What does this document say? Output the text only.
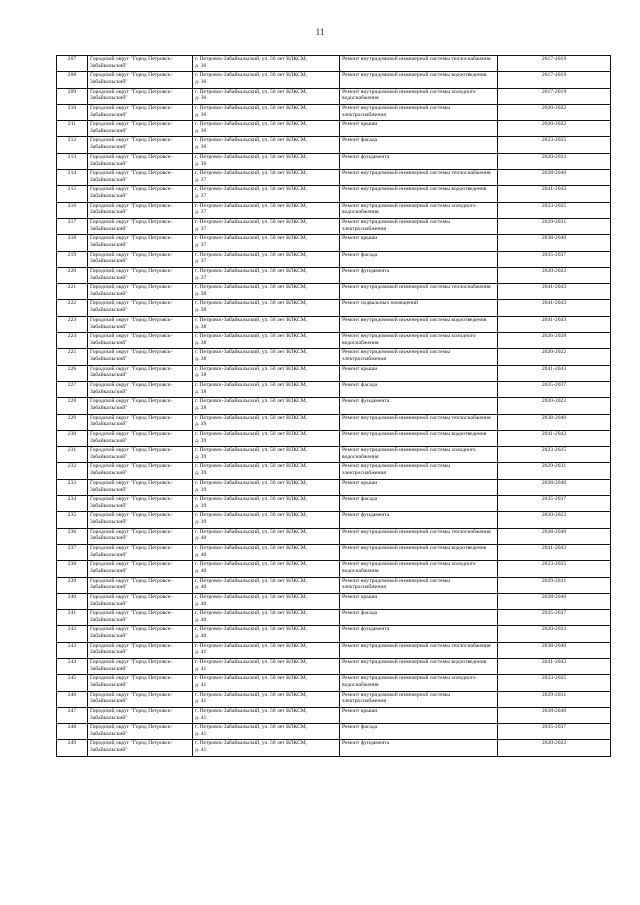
11
207	Городской округ "Город Петровск-Забайкальский"	г. Петровск-Забайкальский, ул. 50 лет ВЛКСМ,
д. 36	Ремонт внутридомовой инженерной системы теплоснабжения	2017-2019
208	Городской округ "Город Петровск-Забайкальский"	г. Петровск-Забайкальский, ул. 50 лет ВЛКСМ,
д. 36	Ремонт внутридомовой инженерной системы водоотведения	2017-2019
209	Городской округ "Город Петровск-Забайкальский"	г. Петровск-Забайкальский, ул. 50 лет ВЛКСМ,
д. 36	Ремонт внутридомовой инженерной системы холодного водоснабжения	2017-2019
210	Городской округ "Город Петровск-Забайкальский"	г. Петровск-Забайкальский, ул. 50 лет ВЛКСМ,
д. 36	Ремонт внутридомовой инженерной системы электроснабжения	2020-2022
211	Городской округ "Город Петровск-Забайкальский"	г. Петровск-Забайкальский, ул. 50 лет ВЛКСМ,
д. 36	Ремонт крыши	2020-2022
212	Городской округ "Город Петровск-Забайкальский"	г. Петровск-Забайкальский, ул. 50 лет ВЛКСМ,
д. 36	Ремонт фасада	2023-2025
213	Городской округ "Город Петровск-Забайкальский"	г. Петровск-Забайкальский, ул. 50 лет ВЛКСМ,
д. 36	Ремонт фундамента	2020-2022
214	Городской округ "Город Петровск-Забайкальский"	г. Петровск-Забайкальский, ул. 50 лет ВЛКСМ,
д. 37	Ремонт внутридомовой инженерной системы теплоснабжения	2038-2040
215	Городской округ "Город Петровск-Забайкальский"	г. Петровск-Забайкальский, ул. 50 лет ВЛКСМ,
д. 37	Ремонт внутридомовой инженерной системы водоотведения	2041-2043
216	Городской округ "Город Петровск-Забайкальский"	г. Петровск-Забайкальский, ул. 50 лет ВЛКСМ,
д. 37	Ремонт внутридомовой инженерной системы холодного водоснабжения	2023-2025
217	Городской округ "Город Петровск-Забайкальский"	г. Петровск-Забайкальский, ул. 50 лет ВЛКСМ,
д. 37	Ремонт внутридомовой инженерной системы электроснабжения	2029-2031
218	Городской округ "Город Петровск-Забайкальский"	г. Петровск-Забайкальский, ул. 50 лет ВЛКСМ,
д. 37	Ремонт крыши	2038-2040
219	Городской округ "Город Петровск-Забайкальский"	г. Петровск-Забайкальский, ул. 50 лет ВЛКСМ,
д. 37	Ремонт фасада	2035-2037
220	Городской округ "Город Петровск-Забайкальский"	г. Петровск-Забайкальский, ул. 50 лет ВЛКСМ,
д. 37	Ремонт фундамента	2020-2022
221	Городской округ "Город Петровск-Забайкальский"	г. Петровск-Забайкальский, ул. 50 лет ВЛКСМ,
д. 38	Ремонт внутридомовой инженерной системы теплоснабжения	2041-2043
222	Городской округ "Город Петровск-Забайкальский"	г. Петровск-Забайкальский, ул. 50 лет ВЛКСМ,
д. 38	Ремонт подвальных помещений	2041-2043
223	Городской округ "Город Петровск-Забайкальский"	г. Петровск-Забайкальский, ул. 50 лет ВЛКСМ,
д. 38	Ремонт внутридомовой инженерной системы водоотведения	2041-2043
224	Городской округ "Город Петровск-Забайкальский"	г. Петровск-Забайкальский, ул. 50 лет ВЛКСМ,
д. 38	Ремонт внутридомовой инженерной системы холодного водоснабжения	2026-2028
225	Городской округ "Город Петровск-Забайкальский"	г. Петровск-Забайкальский, ул. 50 лет ВЛКСМ,
д. 38	Ремонт внутридомовой инженерной системы электроснабжения	2020-2022
226	Городской округ "Город Петровск-Забайкальский"	г. Петровск-Забайкальский, ул. 50 лет ВЛКСМ,
д. 38	Ремонт крыши	2041-2043
227	Городской округ "Город Петровск-Забайкальский"	г. Петровск-Забайкальский, ул. 50 лет ВЛКСМ,
д. 38	Ремонт фасада	2035-2037
228	Городской округ "Город Петровск-Забайкальский"	г. Петровск-Забайкальский, ул. 50 лет ВЛКСМ,
д. 38	Ремонт фундамента	2020-2022
229	Городской округ "Город Петровск-Забайкальский"	г. Петровск-Забайкальский, ул. 50 лет ВЛКСМ,
д. 39	Ремонт внутридомовой инженерной системы теплоснабжения	2038-2040
230	Городской округ "Город Петровск-Забайкальский"	г. Петровск-Забайкальский, ул. 50 лет ВЛКСМ,
д. 39	Ремонт внутридомовой инженерной системы водоотведения	2041-2043
231	Городской округ "Город Петровск-Забайкальский"	г. Петровск-Забайкальский, ул. 50 лет ВЛКСМ,
д. 39	Ремонт внутридомовой инженерной системы холодного водоснабжения	2023-2025
232	Городской округ "Город Петровск-Забайкальский"	г. Петровск-Забайкальский, ул. 50 лет ВЛКСМ,
д. 39	Ремонт внутридомовой инженерной системы электроснабжения	2029-2031
233	Городской округ "Город Петровск-Забайкальский"	г. Петровск-Забайкальский, ул. 50 лет ВЛКСМ,
д. 39	Ремонт крыши	2038-2040
234	Городской округ "Город Петровск-Забайкальский"	г. Петровск-Забайкальский, ул. 50 лет ВЛКСМ,
д. 39	Ремонт фасада	2035-2037
235	Городской округ "Город Петровск-Забайкальский"	г. Петровск-Забайкальский, ул. 50 лет ВЛКСМ,
д. 39	Ремонт фундамента	2020-2022
236	Городской округ "Город Петровск-Забайкальский"	г. Петровск-Забайкальский, ул. 50 лет ВЛКСМ,
д. 40	Ремонт внутридомовой инженерной системы теплоснабжения	2038-2040
237	Городской округ "Город Петровск-Забайкальский"	г. Петровск-Забайкальский, ул. 50 лет ВЛКСМ,
д. 40	Ремонт внутридомовой инженерной системы водоотведения	2041-2043
238	Городской округ "Город Петровск-Забайкальский"	г. Петровск-Забайкальский, ул. 50 лет ВЛКСМ,
д. 40	Ремонт внутридомовой инженерной системы холодного водоснабжения	2023-2025
239	Городской округ "Город Петровск-Забайкальский"	г. Петровск-Забайкальский, ул. 50 лет ВЛКСМ,
д. 40	Ремонт внутридомовой инженерной системы электроснабжения	2029-2031
240	Городской округ "Город Петровск-Забайкальский"	г. Петровск-Забайкальский, ул. 50 лет ВЛКСМ,
д. 40	Ремонт крыши	2038-2040
241	Городской округ "Город Петровск-Забайкальский"	г. Петровск-Забайкальский, ул. 50 лет ВЛКСМ,
д. 40	Ремонт фасада	2035-2037
242	Городской округ "Город Петровск-Забайкальский"	г. Петровск-Забайкальский, ул. 50 лет ВЛКСМ,
д. 40	Ремонт фундамента	2020-2022
243	Городской округ "Город Петровск-Забайкальский"	г. Петровск-Забайкальский, ул. 50 лет ВЛКСМ,
д. 41	Ремонт внутридомовой инженерной системы теплоснабжения	2038-2040
244	Городской округ "Город Петровск-Забайкальский"	г. Петровск-Забайкальский, ул. 50 лет ВЛКСМ,
д. 41	Ремонт внутридомовой инженерной системы водоотведения	2041-2043
245	Городской округ "Город Петровск-Забайкальский"	г. Петровск-Забайкальский, ул. 50 лет ВЛКСМ,
д. 41	Ремонт внутридомовой инженерной системы холодного водоснабжения	2023-2025
246	Городской округ "Город Петровск-Забайкальский"	г. Петровск-Забайкальский, ул. 50 лет ВЛКСМ,
д. 41	Ремонт внутридомовой инженерной системы электроснабжения	2029-2031
247	Городской округ "Город Петровск-Забайкальский"	г. Петровск-Забайкальский, ул. 50 лет ВЛКСМ,
д. 41	Ремонт крыши	2038-2040
248	Городской округ "Город Петровск-Забайкальский"	г. Петровск-Забайкальский, ул. 50 лет ВЛКСМ,
д. 41	Ремонт фасада	2035-2037
249	Городской округ "Город Петровск-Забайкальский"	г. Петровск-Забайкальский, ул. 50 лет ВЛКСМ,
д. 41	Ремонт фундамента	2020-2022
